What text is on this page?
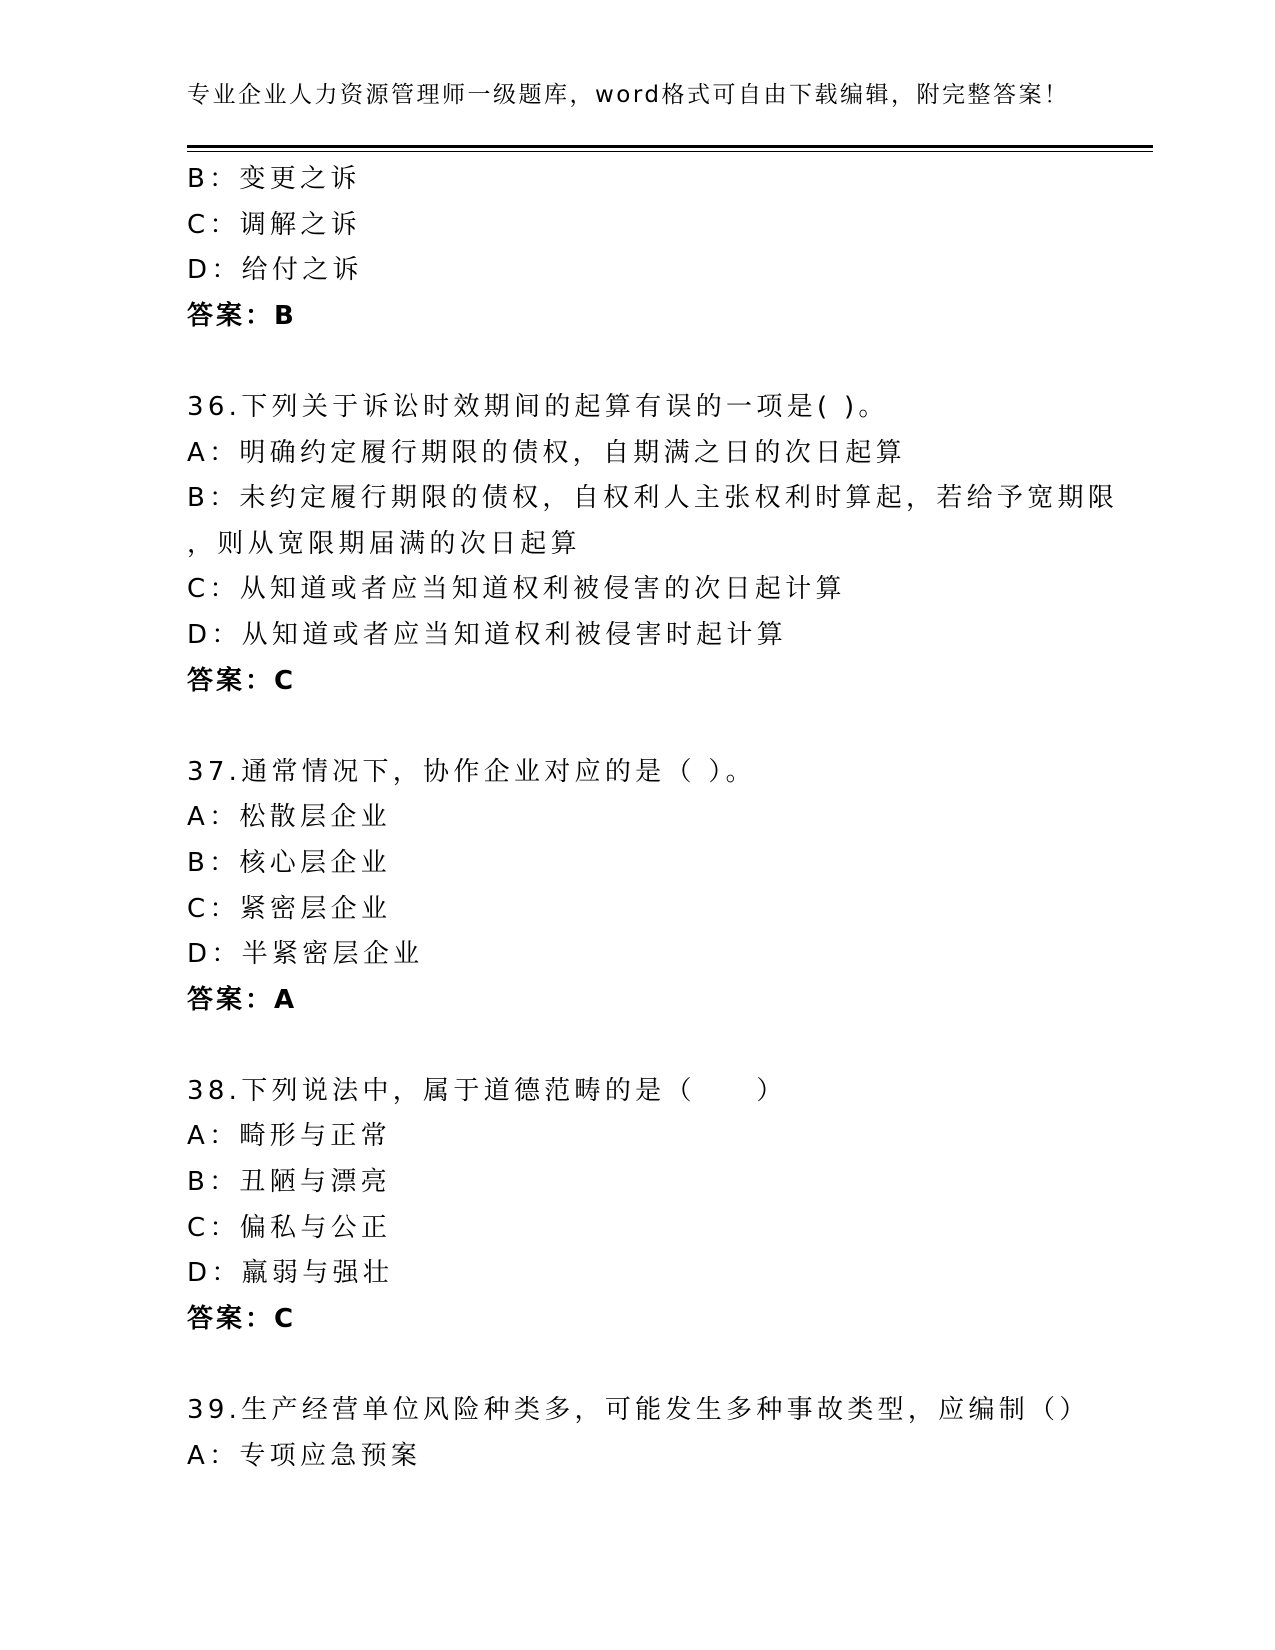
专业企业人力资源管理师一级题库，word格式可自由下载编辑，附完整答案！
B：变更之诉
C：调解之诉
D：给付之诉
答案：B
36.下列关于诉讼时效期间的起算有误的一项是( )。
A：明确约定履行期限的债权，自期满之日的次日起算
B：未约定履行期限的债权，自权利人主张权利时算起，若给予宽期限
，则从宽限期届满的次日起算
C：从知道或者应当知道权利被侵害的次日起计算
D：从知道或者应当知道权利被侵害时起计算
答案：C
37.通常情况下，协作企业对应的是（ ）。
A：松散层企业
B：核心层企业
C：紧密层企业
D：半紧密层企业
答案：A
38.下列说法中，属于道德范畴的是（　　）
A：畸形与正常
B：丑陋与漂亮
C：偏私与公正
D：羸弱与强壮
答案：C
39.生产经营单位风险种类多，可能发生多种事故类型，应编制（）
A：专项应急预案
